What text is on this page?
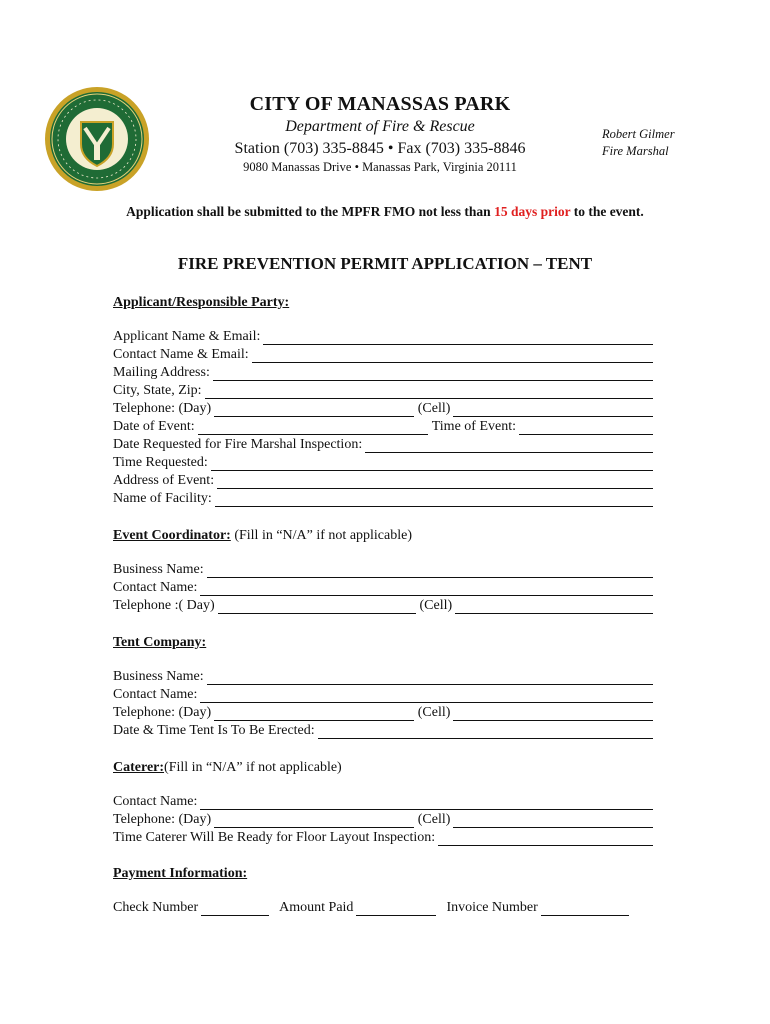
CITY OF MANASSAS PARK
Department of Fire & Rescue
Station (703) 335-8845 • Fax (703) 335-8846
9080 Manassas Drive • Manassas Park, Virginia 20111
Robert Gilmer
Fire Marshal
Application shall be submitted to the MPFR FMO not less than 15 days prior to the event.
FIRE PREVENTION PERMIT APPLICATION – TENT
Applicant/Responsible Party:
Applicant Name & Email:
Contact Name & Email:
Mailing Address:
City, State, Zip:
Telephone: (Day)	(Cell)
Date of Event:	Time of Event:
Date Requested for Fire Marshal Inspection:
Time Requested:
Address of Event:
Name of Facility:
Event Coordinator: (Fill in “N/A” if not applicable)
Business Name:
Contact Name:
Telephone :( Day)	(Cell)
Tent Company:
Business Name:
Contact Name:
Telephone: (Day)	(Cell)
Date & Time Tent Is To Be Erected:
Caterer:(Fill in “N/A” if not applicable)
Contact Name:
Telephone: (Day)	(Cell)
Time Caterer Will Be Ready for Floor Layout Inspection:
Payment Information:
Check Number	Amount Paid	Invoice Number
